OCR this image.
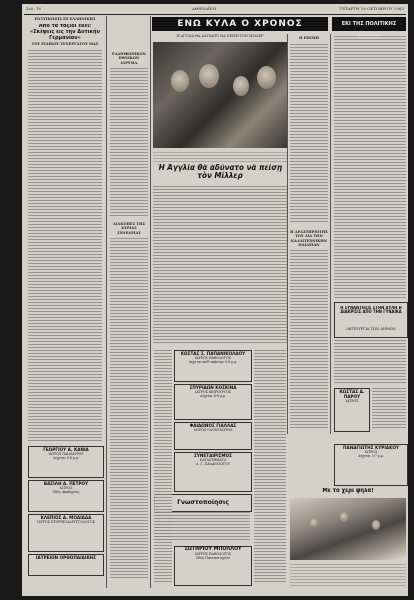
Σελ. 16	ΑΘΗΝΑΪΚΗ	ΤΕΤΑΡΤΗ 16 ΟΚΤΩΒΡΙΟΥ 1963
ΕΝΤΥΠΩΣΕΙΣ ΕΞ ΕΛΛΗΝΙΚΗΣ
Από τα ταξίδι εκεί: «Σκέψεις εις την Δυτικήν Γερμανίαν»
ΤΟΥ ΕΙΔΙΚΟΥ ΣΥΝΕΡΓΑΤΟΥ ΜΑΣ
ΓΕΩΡΓΙΟΥ Α. ΚΑΝΙΑ
ΙΑΤΡΟΣ ΠΑΙΔΙΑΤΡΟΣ
Δέχεται 5-8 μ.μ.
ΒΑΣΙΛΗ Α. ΠΕΤΡΟΥ
ΙΑΤΡΟΣ
Οδός Ακαδημίας
ΚΛΕΠΙΟΣ Α. ΜΟΔΙΑΔΑ
ΙΑΤΡΟΣ ΩΤΟΡΙΝΟΛΑΡΥΓΓΟΛΟΓΟΣ
ΙΑΤΡΕΙΟΝ ΟΡΘΟΠΑΙΔΙΚΗΣ
ΡΑΔΙΟΦΩΝΙΚΟΝ ΕΘΝΙΚΟΝ ΙΔΡΥΜΑ
ΔΙΑΚΟΠΕΣ ΤΗΣ ΚΥΡΙΑΣ ΣΥΝΕΔΡΙΑΣ
ΕΝΩ ΚΥΛΑ Ο ΧΡΟΝΟΣ	ΕΚΙ ΤΗΣ ΠΟΛΙΤΙΚΗΣ
Η ΑΓΓΛΙΑ ΘΑ ΑΔΥΝΑΤΟ ΝΑ ΠΕΙΣΗ ΤΟΝ ΜΙΛΛΕΡ
Ἡ Ἀγγλία θὰ ἀδύνατο νὰ πείσῃ τὸν Μίλλερ
Η ΕΠΟΧΗ
Η ΔΡΑΣΤΗΡΙΟΤΗΣ ΤΟΥ ΔΙΑ ΤΗΝ ΚΑΛΛΙΤΕΧΝΙΚΗΝ ΠΑΙΔΕΙΑΝ
Η ΣΥΝΑΝΤΗΣΙΣ ΣΤΗΝ ΑΥΛΗ Η ΔΙΑΚΡΙΣΙΣ ΑΠΟ ΤΗΝ ΓΥΝΑΙΚΑ
ΛΕΙΤΟΥΡΓΙΑ ΤΩΝ ΔΗΜΩΝ
ΚΩΣΤΑΣ Δ. ΠΑΡΟΥ
ΙΑΤΡΟΣ
ΠΑΝΑΓΙΩΤΗΣ ΚΥΡΙΑΚΟΥ
ΙΑΤΡΟΣ
Δέχεται 5-7 μ.μ.
ΚΩΣΤΑΣ Σ. ΠΑΠΑΝΙΚΟΛΑΟΥ
ΙΑΤΡΟΣ ΠΑΘΟΛΟΓΟΣ
Δέχεται καθ' εκάστην 5-8 μ.μ.
ΣΠΥΡΙΔΩΝ ΚΟΣΚΙΝΑ
ΙΑΤΡΟΣ ΧΕΙΡΟΥΡΓΟΣ
Δέχεται 6-8 μ.μ.
ΦΑΙΔΩΝΟΣ ΓΙΑΛΛΑΣ
ΙΑΤΡΟΣ ΟΔΟΝΤΙΑΤΡΟΣ
ΣΥΝΕΤΑΙΡΙΣΜΟΣ
ΚΑΤΑΣΤΗΜΑΤΑ
Δ. Γ. ΠΑΛΑΙΟΛΟΓΟΥ
Γνωστοποίησις
ΣΩΤΗΡΙΟΥ ΜΠΟΛΛΟΥ
ΙΑΤΡΟΣ ΠΑΘΟΛΟΓΟΣ
Οδός Πανεπιστημίου
Μὲ τὸ χέρι ψηλά!
